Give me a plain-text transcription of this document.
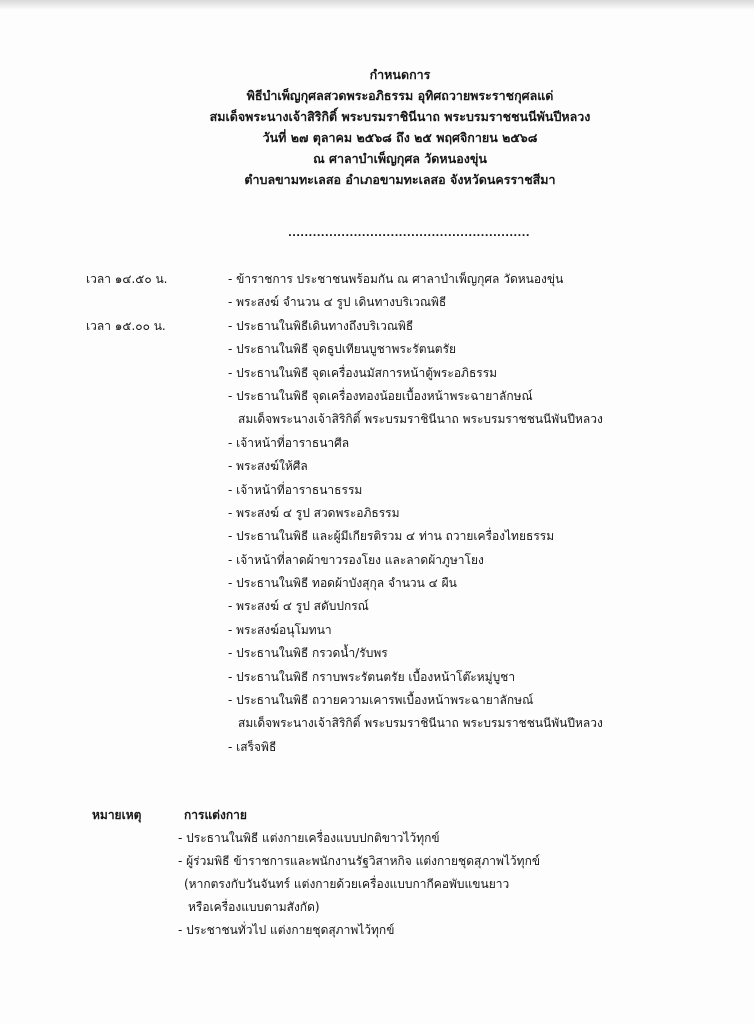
กำหนดการ
พิธีบำเพ็ญกุศลสวดพระอภิธรรม อุทิศถวายพระราชกุศลแด่
สมเด็จพระนางเจ้าสิริกิติ์ พระบรมราชินีนาถ พระบรมราชชนนีพันปีหลวง
วันที่ ๒๗ ตุลาคม ๒๕๖๘ ถึง ๒๕ พฤศจิกายน ๒๕๖๘
ณ ศาลาบำเพ็ญกุศล วัดหนองขุ่น
ตำบลขามทะเลสอ อำเภอขามทะเลสอ จังหวัดนครราชสีมา
...........................................................
เวลา ๑๔.๕๐ น.	- ข้าราชการ ประชาชนพร้อมกัน ณ ศาลาบำเพ็ญกุศล วัดหนองขุ่น
- พระสงฆ์ จำนวน ๔ รูป เดินทางบริเวณพิธี
เวลา ๑๕.๐๐ น.	- ประธานในพิธีเดินทางถึงบริเวณพิธี
- ประธานในพิธี จุดธูปเทียนบูชาพระรัตนตรัย
- ประธานในพิธี จุดเครื่องนมัสการหน้าตู้พระอภิธรรม
- ประธานในพิธี จุดเครื่องทองน้อยเบื้องหน้าพระฉายาลักษณ์
สมเด็จพระนางเจ้าสิริกิติ์ พระบรมราชินีนาถ พระบรมราชชนนีพันปีหลวง
- เจ้าหน้าที่อาราธนาศีล
- พระสงฆ์ให้ศีล
- เจ้าหน้าที่อาราธนาธรรม
- พระสงฆ์ ๔ รูป สวดพระอภิธรรม
- ประธานในพิธี และผู้มีเกียรติรวม ๔ ท่าน ถวายเครื่องไทยธรรม
- เจ้าหน้าที่ลาดผ้าขาวรองโยง และลาดผ้าภูษาโยง
- ประธานในพิธี ทอดผ้าบังสุกุล จำนวน ๔ ผืน
- พระสงฆ์ ๔ รูป สดับปกรณ์
- พระสงฆ์อนุโมทนา
- ประธานในพิธี กรวดน้ำ/รับพร
- ประธานในพิธี กราบพระรัตนตรัย เบื้องหน้าโต๊ะหมู่บูชา
- ประธานในพิธี ถวายความเคารพเบื้องหน้าพระฉายาลักษณ์
สมเด็จพระนางเจ้าสิริกิติ์ พระบรมราชินีนาถ พระบรมราชชนนีพันปีหลวง
- เสร็จพิธี
หมายเหตุ	การแต่งกาย
- ประธานในพิธี แต่งกายเครื่องแบบปกติขาวไว้ทุกข์
- ผู้ร่วมพิธี ข้าราชการและพนักงานรัฐวิสาหกิจ แต่งกายชุดสุภาพไว้ทุกข์
(หากตรงกับวันจันทร์ แต่งกายด้วยเครื่องแบบกากีคอพับแขนยาว
หรือเครื่องแบบตามสังกัด)
- ประชาชนทั่วไป แต่งกายชุดสุภาพไว้ทุกข์
